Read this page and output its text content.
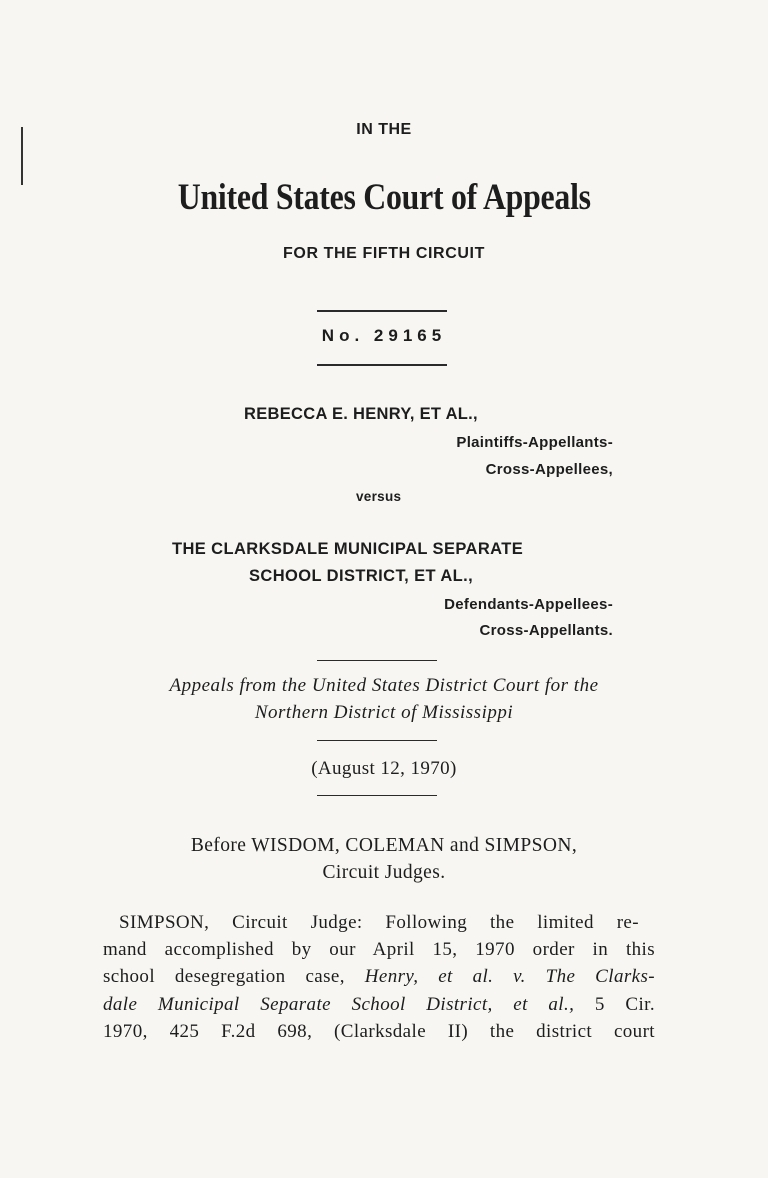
IN THE
United States Court of Appeals
FOR THE FIFTH CIRCUIT
No. 29165
REBECCA E. HENRY, ET AL.,
Plaintiffs-Appellants-
Cross-Appellees,
versus
THE CLARKSDALE MUNICIPAL SEPARATE
SCHOOL DISTRICT, ET AL.,
Defendants-Appellees-
Cross-Appellants.
Appeals from the United States District Court for the
Northern District of Mississippi
(August 12, 1970)
Before WISDOM, COLEMAN and SIMPSON,
Circuit Judges.
SIMPSON, Circuit Judge: Following the limited re-
mand accomplished by our April 15, 1970 order in this
school desegregation case, Henry, et al. v. The Clarks-
dale Municipal Separate School District, et al., 5 Cir.
1970, 425 F.2d 698, (Clarksdale II) the district court
